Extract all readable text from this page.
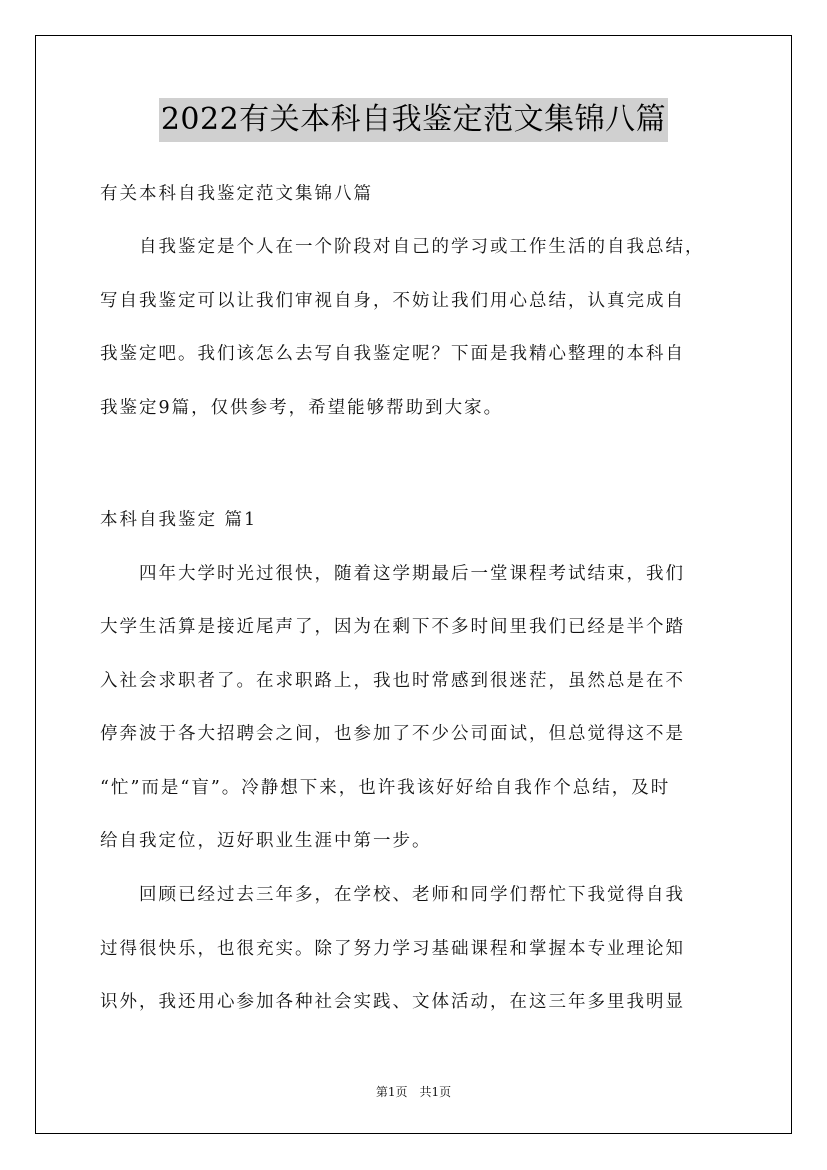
2022有关本科自我鉴定范文集锦八篇
有关本科自我鉴定范文集锦八篇
　　自我鉴定是个人在一个阶段对自己的学习或工作生活的自我总结，
写自我鉴定可以让我们审视自身，不妨让我们用心总结，认真完成自
我鉴定吧。我们该怎么去写自我鉴定呢？下面是我精心整理的本科自
我鉴定9篇，仅供参考，希望能够帮助到大家。
本科自我鉴定 篇1
　　四年大学时光过很快，随着这学期最后一堂课程考试结束，我们
大学生活算是接近尾声了，因为在剩下不多时间里我们已经是半个踏
入社会求职者了。在求职路上，我也时常感到很迷茫，虽然总是在不
停奔波于各大招聘会之间，也参加了不少公司面试，但总觉得这不是
“忙”而是“盲”。冷静想下来，也许我该好好给自我作个总结，及时
给自我定位，迈好职业生涯中第一步。
　　回顾已经过去三年多，在学校、老师和同学们帮忙下我觉得自我
过得很快乐，也很充实。除了努力学习基础课程和掌握本专业理论知
识外，我还用心参加各种社会实践、文体活动，在这三年多里我明显
第1页　共1页
